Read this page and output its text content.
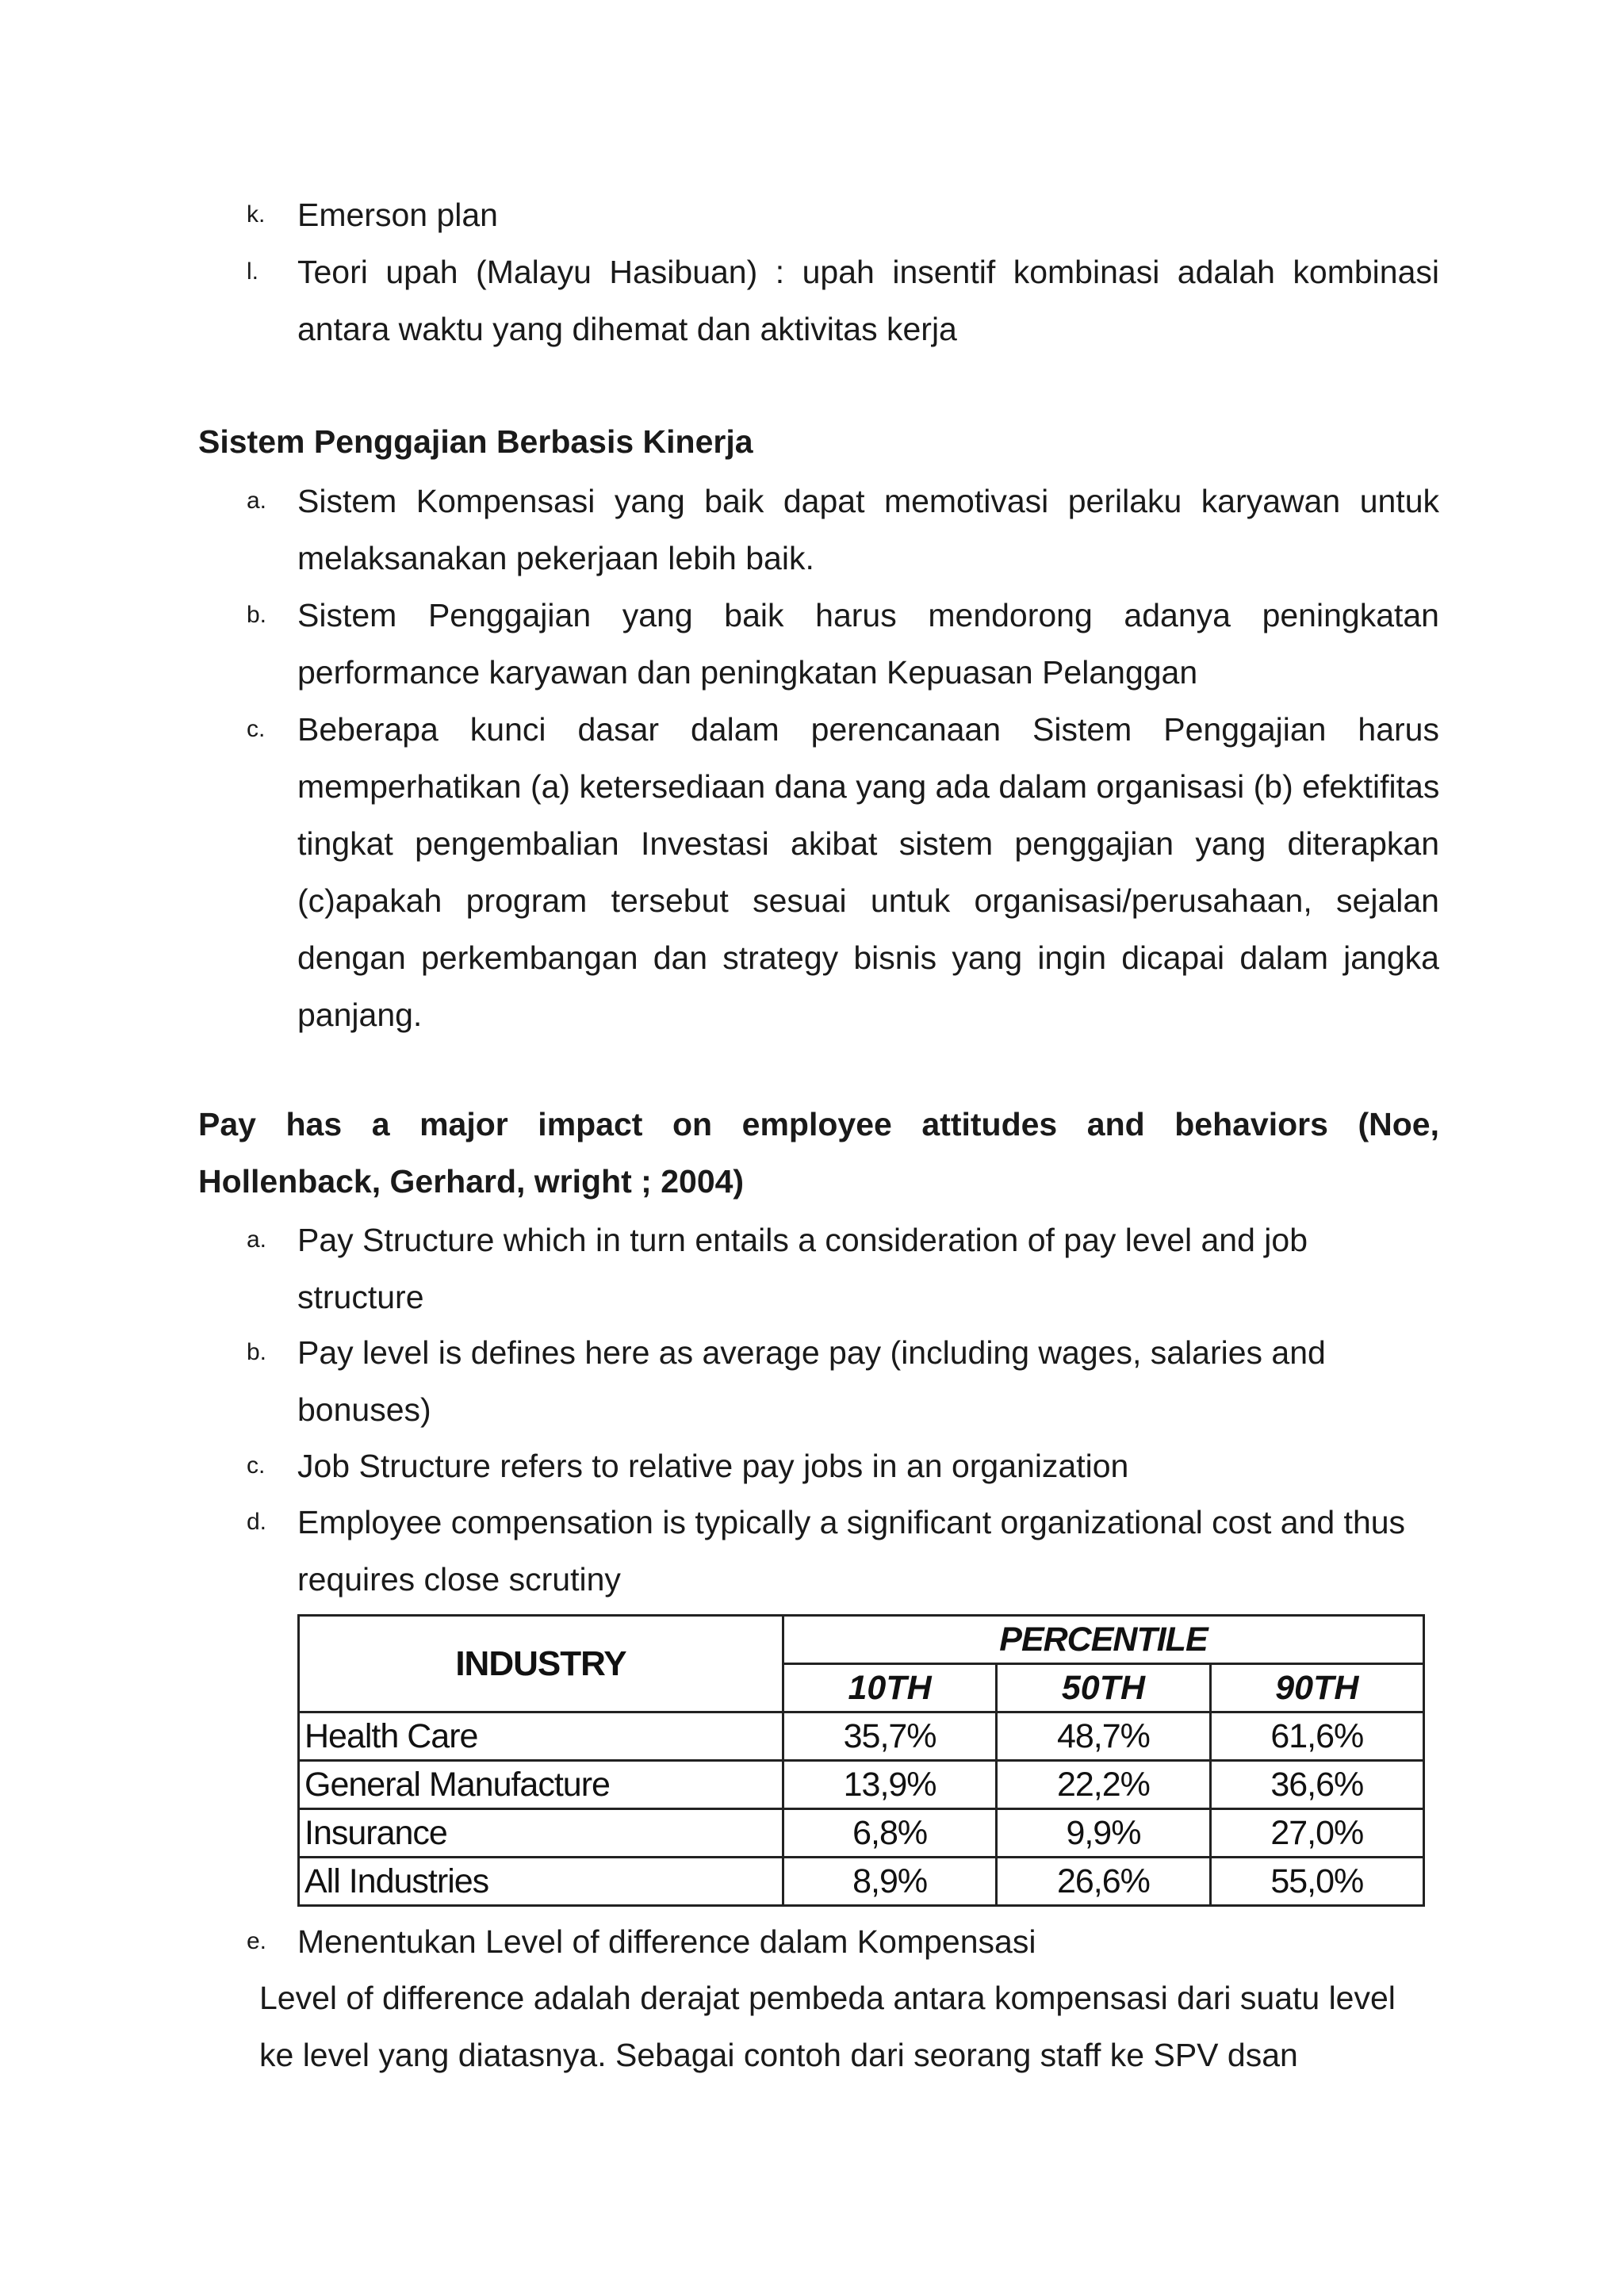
k. Emerson plan
l. Teori upah (Malayu Hasibuan) : upah insentif kombinasi adalah kombinasi
antara waktu yang dihemat dan aktivitas kerja
Sistem Penggajian Berbasis Kinerja
a. Sistem Kompensasi yang baik dapat memotivasi perilaku karyawan untuk
melaksanakan pekerjaan lebih baik.
b. Sistem Penggajian yang baik harus mendorong adanya peningkatan
performance karyawan dan peningkatan Kepuasan Pelanggan
c. Beberapa kunci dasar dalam perencanaan Sistem Penggajian harus
memperhatikan (a) ketersediaan dana yang ada dalam organisasi (b) efektifitas
tingkat pengembalian Investasi akibat sistem penggajian yang diterapkan
(c)apakah program tersebut sesuai untuk organisasi/perusahaan, sejalan
dengan perkembangan dan strategy bisnis yang ingin dicapai dalam jangka
panjang.
Pay has a major impact on employee attitudes and behaviors (Noe,
Hollenback, Gerhard, wright ; 2004)
a. Pay Structure which in turn entails a consideration of pay level and job
structure
b. Pay level is defines here as average pay (including wages, salaries and
bonuses)
c. Job Structure refers to relative pay jobs in an organization
d. Employee compensation is typically a significant organizational cost and thus
requires close scrutiny
INDUSTRY	PERCENTILE		
	10TH	50TH	90TH
Health Care	35,7%	48,7%	61,6%
General Manufacture	13,9%	22,2%	36,6%
Insurance	6,8%	9,9%	27,0%
All Industries	8,9%	26,6%	55,0%
e. Menentukan Level of difference dalam Kompensasi
Level of difference adalah derajat pembeda antara kompensasi dari suatu level
ke level yang diatasnya. Sebagai contoh dari seorang staff ke SPV dsan
